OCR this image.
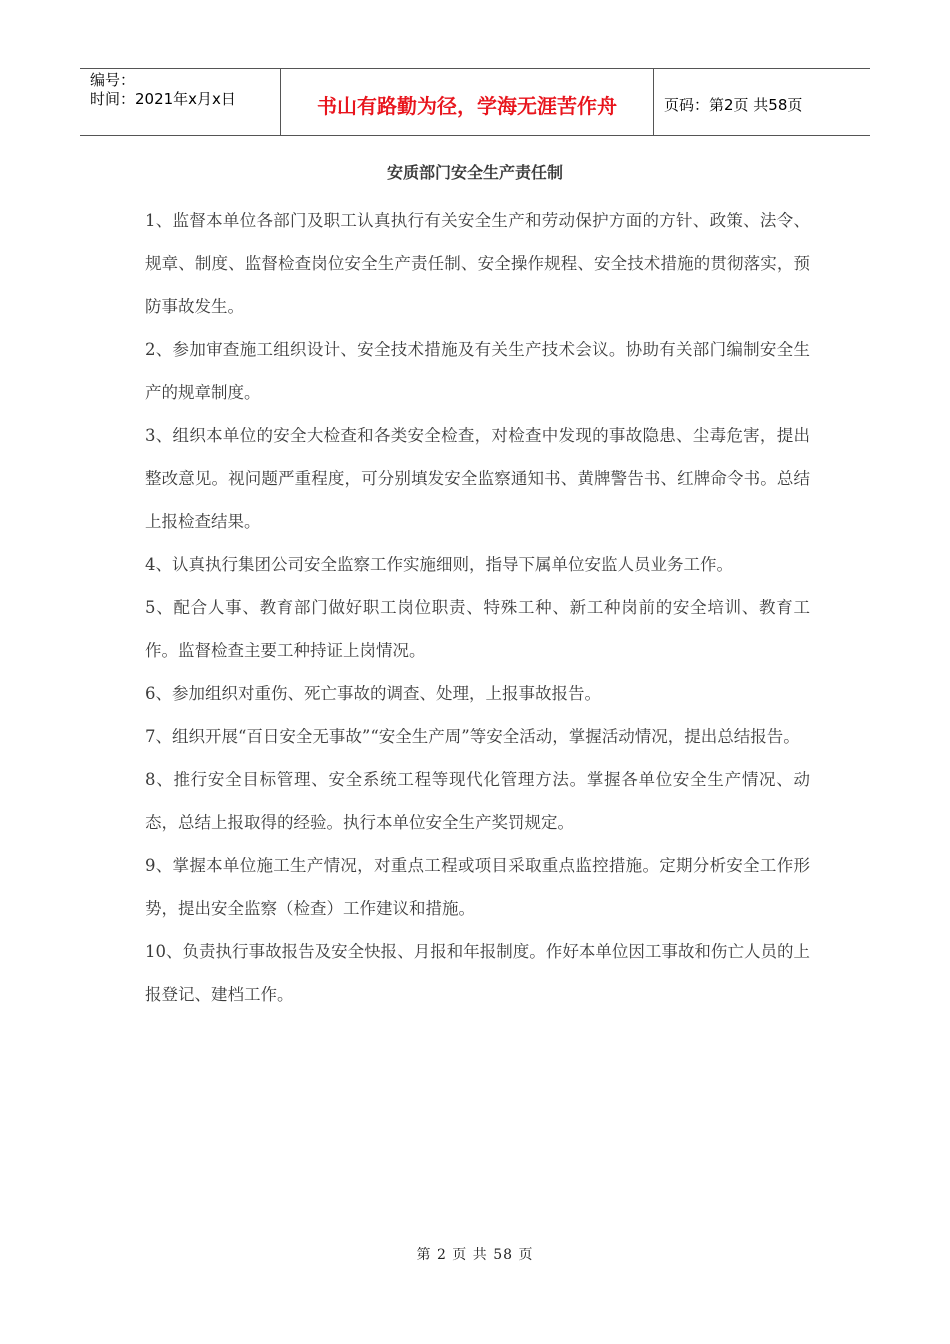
编号：
时间：2021年x月x日	书山有路勤为径，学海无涯苦作舟	页码：第2页 共58页
安质部门安全生产责任制

1、监督本单位各部门及职工认真执行有关安全生产和劳动保护方面的方针、政策、法令、规章、制度、监督检查岗位安全生产责任制、安全操作规程、安全技术措施的贯彻落实，预防事故发生。

2、参加审查施工组织设计、安全技术措施及有关生产技术会议。协助有关部门编制安全生产的规章制度。

3、组织本单位的安全大检查和各类安全检查，对检查中发现的事故隐患、尘毒危害，提出整改意见。视问题严重程度，可分别填发安全监察通知书、黄牌警告书、红牌命令书。总结上报检查结果。

4、认真执行集团公司安全监察工作实施细则，指导下属单位安监人员业务工作。

5、配合人事、教育部门做好职工岗位职责、特殊工种、新工种岗前的安全培训、教育工作。监督检查主要工种持证上岗情况。

6、参加组织对重伤、死亡事故的调查、处理，上报事故报告。

7、组织开展“百日安全无事故”“安全生产周”等安全活动，掌握活动情况，提出总结报告。

8、推行安全目标管理、安全系统工程等现代化管理方法。掌握各单位安全生产情况、动态，总结上报取得的经验。执行本单位安全生产奖罚规定。

9、掌握本单位施工生产情况，对重点工程或项目采取重点监控措施。定期分析安全工作形势，提出安全监察（检查）工作建议和措施。

10、负责执行事故报告及安全快报、月报和年报制度。作好本单位因工事故和伤亡人员的上报登记、建档工作。

第 2 页 共 58 页
